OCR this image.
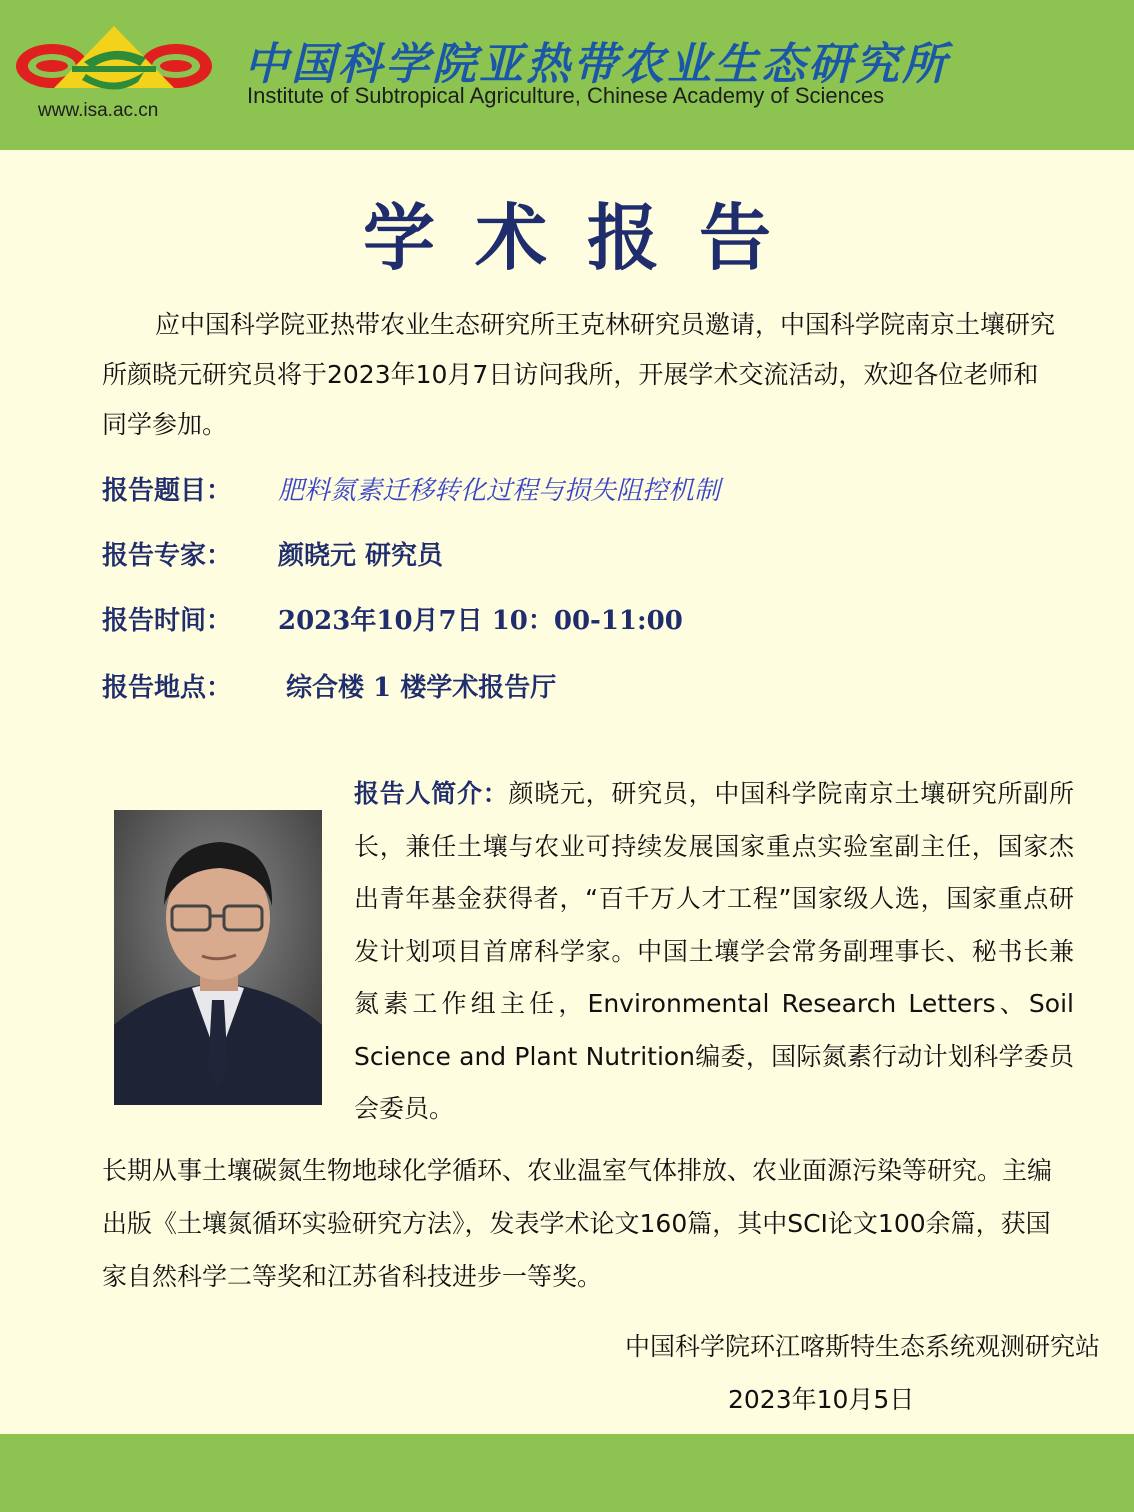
www.isa.ac.cn
中国科学院亚热带农业生态研究所
Institute of Subtropical Agriculture, Chinese Academy of Sciences
学术报告
应中国科学院亚热带农业生态研究所王克林研究员邀请，中国科学院南京土壤研究所颜晓元研究员将于2023年10月7日访问我所，开展学术交流活动，欢迎各位老师和同学参加。
报告题目： 肥料氮素迁移转化过程与损失阻控机制
报告专家： 颜晓元 研究员
报告时间： 2023年10月7日 10：00-11:00
报告地点： 综合楼 1 楼学术报告厅
报告人简介：颜晓元，研究员，中国科学院南京土壤研究所副所长，兼任土壤与农业可持续发展国家重点实验室副主任，国家杰出青年基金获得者，“百千万人才工程”国家级人选，国家重点研发计划项目首席科学家。中国土壤学会常务副理事长、秘书长兼氮素工作组主任，Environmental Research Letters、Soil Science and Plant Nutrition编委，国际氮素行动计划科学委员会委员。
长期从事土壤碳氮生物地球化学循环、农业温室气体排放、农业面源污染等研究。主编出版《土壤氮循环实验研究方法》，发表学术论文160篇，其中SCI论文100余篇，获国家自然科学二等奖和江苏省科技进步一等奖。
中国科学院环江喀斯特生态系统观测研究站
2023年10月5日
